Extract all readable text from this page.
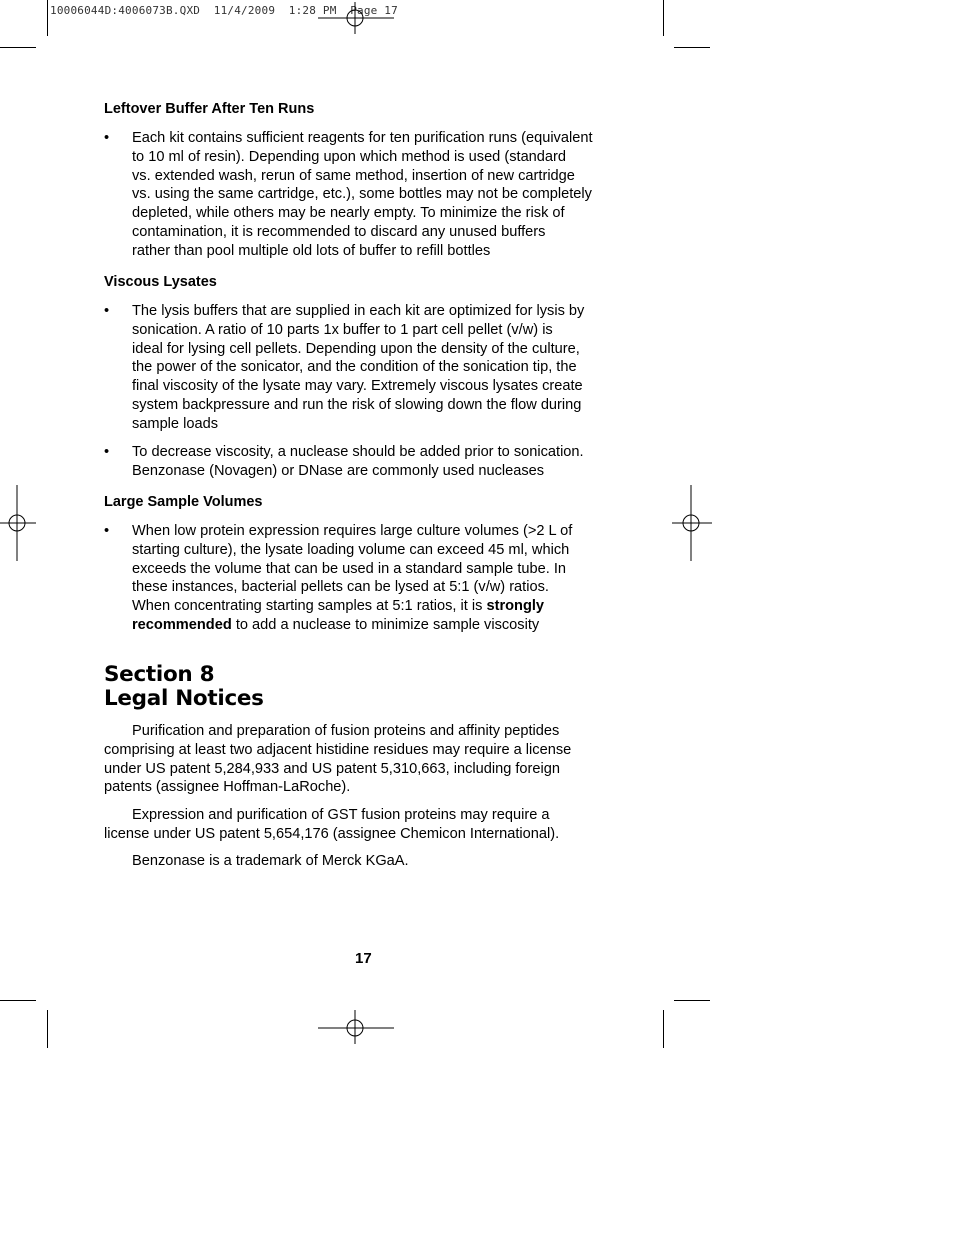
10006044D:4006073B.QXD  11/4/2009  1:28 PM  Page 17
Leftover Buffer After Ten Runs
• Each kit contains sufficient reagents for ten purification runs (equivalent
to 10 ml of resin). Depending upon which method is used (standard
vs. extended wash, rerun of same method, insertion of new cartridge
vs. using the same cartridge, etc.), some bottles may not be completely
depleted, while others may be nearly empty. To minimize the risk of
contamination, it is recommended to discard any unused buffers
rather than pool multiple old lots of buffer to refill bottles
Viscous Lysates
• The lysis buffers that are supplied in each kit are optimized for lysis by
sonication. A ratio of 10 parts 1x buffer to 1 part cell pellet (v/w) is
ideal for lysing cell pellets. Depending upon the density of the culture,
the power of the sonicator, and the condition of the sonication tip, the
final viscosity of the lysate may vary. Extremely viscous lysates create
system backpressure and run the risk of slowing down the flow during
sample loads
• To decrease viscosity, a nuclease should be added prior to sonication.
Benzonase (Novagen) or DNase are commonly used nucleases
Large Sample Volumes
• When low protein expression requires large culture volumes (>2 L of
starting culture), the lysate loading volume can exceed 45 ml, which
exceeds the volume that can be used in a standard sample tube. In
these instances, bacterial pellets can be lysed at 5:1 (v/w) ratios.
When concentrating starting samples at 5:1 ratios, it is strongly
recommended to add a nuclease to minimize sample viscosity
Section 8
Legal Notices
Purification and preparation of fusion proteins and affinity peptides
comprising at least two adjacent histidine residues may require a license
under US patent 5,284,933 and US patent 5,310,663, including foreign
patents (assignee Hoffman-LaRoche).
Expression and purification of GST fusion proteins may require a
license under US patent 5,654,176 (assignee Chemicon International).
Benzonase is a trademark of Merck KGaA.
17
